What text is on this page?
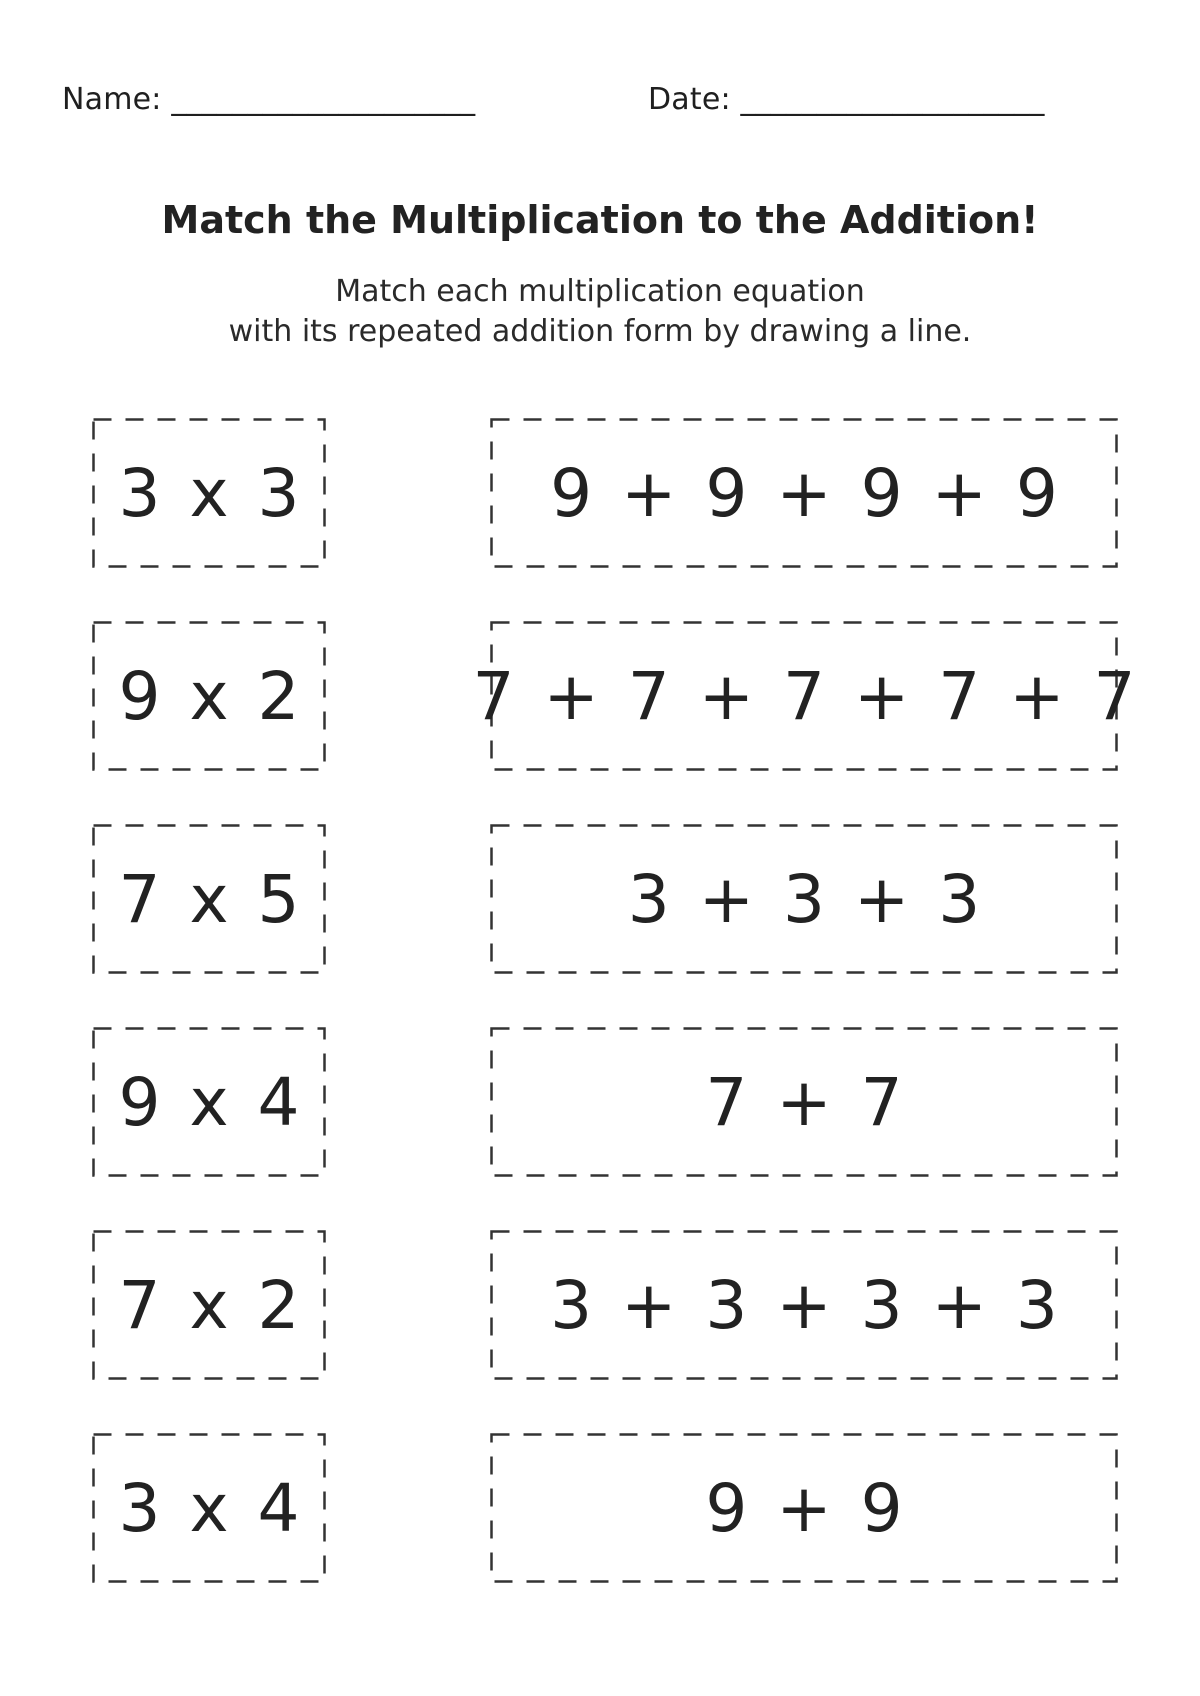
Name: ____________________	Date: ____________________
Match the Multiplication to the Addition!
Match each multiplication equation
with its repeated addition form by drawing a line.
3 x 3	9 + 9 + 9 + 9
9 x 2	7 + 7 + 7 + 7 + 7
7 x 5	3 + 3 + 3
9 x 4	7 + 7
7 x 2	3 + 3 + 3 + 3
3 x 4	9 + 9
